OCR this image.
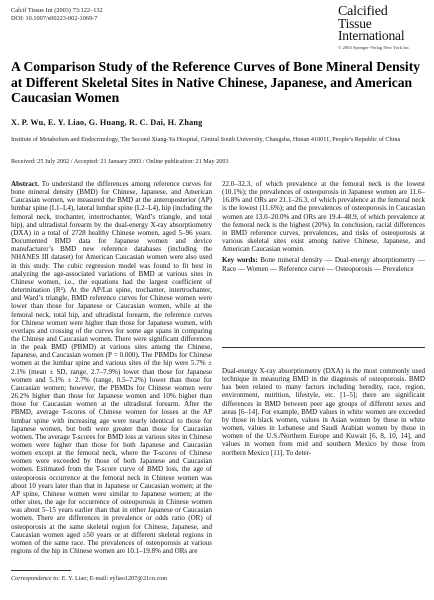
Calcif Tissue Int (2003) 73:122–132
DOI: 10.1007/s00223-002-1069-7	Calcified
Tissue
International
© 2003 Springer-Verlag New York Inc.
A Comparison Study of the Reference Curves of Bone Mineral Density at Different Skeletal Sites in Native Chinese, Japanese, and American Caucasian Women
X. P. Wu, E. Y. Liao, G. Huang, R. C. Dai, H. Zhang
Institute of Metabolism and Endocrinology, The Second Xiang-Ya Hospital, Central South University, Changsha, Hunan 410011, People’s Republic of China
Received: 25 July 2002 / Accepted: 21 January 2003 / Online publication: 21 May 2003

Abstract. To understand the differences among reference curves for bone mineral density (BMD) for Chinese, Japanese, and American Caucasian women, we measured the BMD at the anteroposterior (AP) lumbar spine (L1–L4), lateral lumbar spine (L2–L4), hip (including the femoral neck, trochanter, intertrochanter, Ward’s triangle, and total hip), and ultradistal forearm by the dual-energy X-ray absorptiometry (DXA) in a total of 2728 healthy Chinese women, aged 5–96 years. Documented BMD data for Japanese women and device manufacturer’s BMD new reference databases (including the NHANES III dataset) for American Caucasian women were also used in this study. The cubic regression model was found to fit best in analyzing the age-associated variations of BMD at various sites in Chinese women, i.e., the equations had the largest coefficient of determination (R²). At the AP/Lat spine, trochanter, intertrochanter, and Ward’s triangle, BMD reference curves for Chinese women were lower than those for Japanese or Caucasian women, while at the femoral neck, total hip, and ultradistal forearm, the reference curves for Chinese women were higher than those for Japanese women, with overlaps and crossing of the curves for some age spans in comparing the Chinese and Caucasian women. There were significant differences in the peak BMD (PBMD) at various sites among the Chinese, Japanese, and Caucasian women (P = 0.000). The PBMDs for Chinese women at the lumbar spine and various sites of the hip were 5.7% ± 2.1% (mean ± SD, range, 2.7–7.9%) lower than those for Japanese women and 5.1% ± 2.7% (range, 0.5–7.2%) lower than those for Caucasian women; however, the PBMDs for Chinese women were 26.2% higher than those for Japanese women and 10% higher than those for Caucasian women at the ultradistal forearm. After the PBMD, average T-scores of Chinese women for losses at the AP lumbar spine with increasing age were nearly identical to those for Japanese women, but both were greater than those for Caucasian women. The average T-scores for BMD loss at various sites in Chinese women were higher than those for both Japanese and Caucasian women except at the femoral neck, where the T-scores of Chinese women were exceeded by those of both Japanese and Caucasian women. Estimated from the T-score curve of BMD loss, the age of osteoporosis occurrence at the femoral neck in Chinese women was about 10 years later than that in Japanese or Caucasian women; at the AP spine, Chinese women were similar to Japanese women; at the other sites, the age for occurrence of osteoporosis in Chinese women was about 5–15 years earlier than that in either Japanese or Caucasian women. There are differences in prevalence or odds ratio (OR) of osteoporosis at the same skeletal region for Chinese, Japanese, and Caucasian women aged ≥50 years or at different skeletal regions in women of the same race. The prevalences of osteoporosis at various regions of the hip in Chinese women are 10.1–19.8% and ORs are

22.0–32.3, of which prevalence at the femoral neck is the lowest (10.1%); the prevalences of osteoporosis in Japanese women are 11.6–16.8% and ORs are 21.1–26.3, of which prevalence at the femoral neck is the lowest (11.6%); and the prevalences of osteoporosis in Caucasian women are 13.0–20.0% and ORs are 19.4–48.9, of which prevalence at the femoral neck is the highest (20%). In conclusion, racial differences in BMD reference curves, prevalences, and risks of osteoporosis at various skeletal sites exist among native Chinese, Japanese, and American Caucasian women.

Key words: Bone mineral density — Dual-energy absorptiometry — Race — Women — Reference curve — Osteoporosis — Prevalence

Dual-energy X-ray absorptiometry (DXA) is the most commonly used technique in measuring BMD in the diagnosis of osteoporosis. BMD has been related to many factors including heredity, race, region, environment, nutrition, lifestyle, etc. [1–5]; there are significant differences in BMD between peer age groups of different sexes and areas [6–14]. For example, BMD values in white women are exceeded by those in black women, values in Asian women by those in white women, values in Lebanese and Saudi Arabian women by those in women of the U.S./Northern Europe and Kuwait [6, 8, 10, 14], and values in women from mid and southern Mexico by those from northern Mexico [11]. To deter-
Correspondence to: E. Y. Liao; E-mail: eyliao1207@21cn.com
